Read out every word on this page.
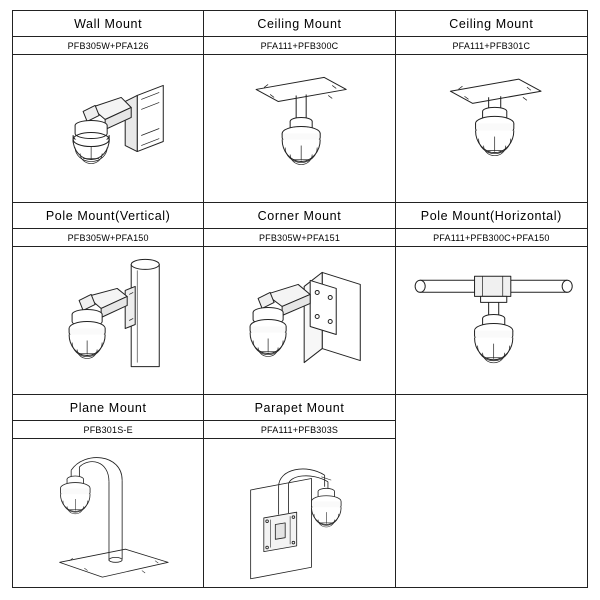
Wall Mount
PFB305W+PFA126
Ceiling Mount
PFA111+PFB300C
Ceiling Mount
PFA111+PFB301C
Pole Mount(Vertical)
PFB305W+PFA150
Corner Mount
PFB305W+PFA151
Pole Mount(Horizontal)
PFA111+PFB300C+PFA150
Plane Mount
PFB301S-E
Parapet Mount
PFA111+PFB303S
